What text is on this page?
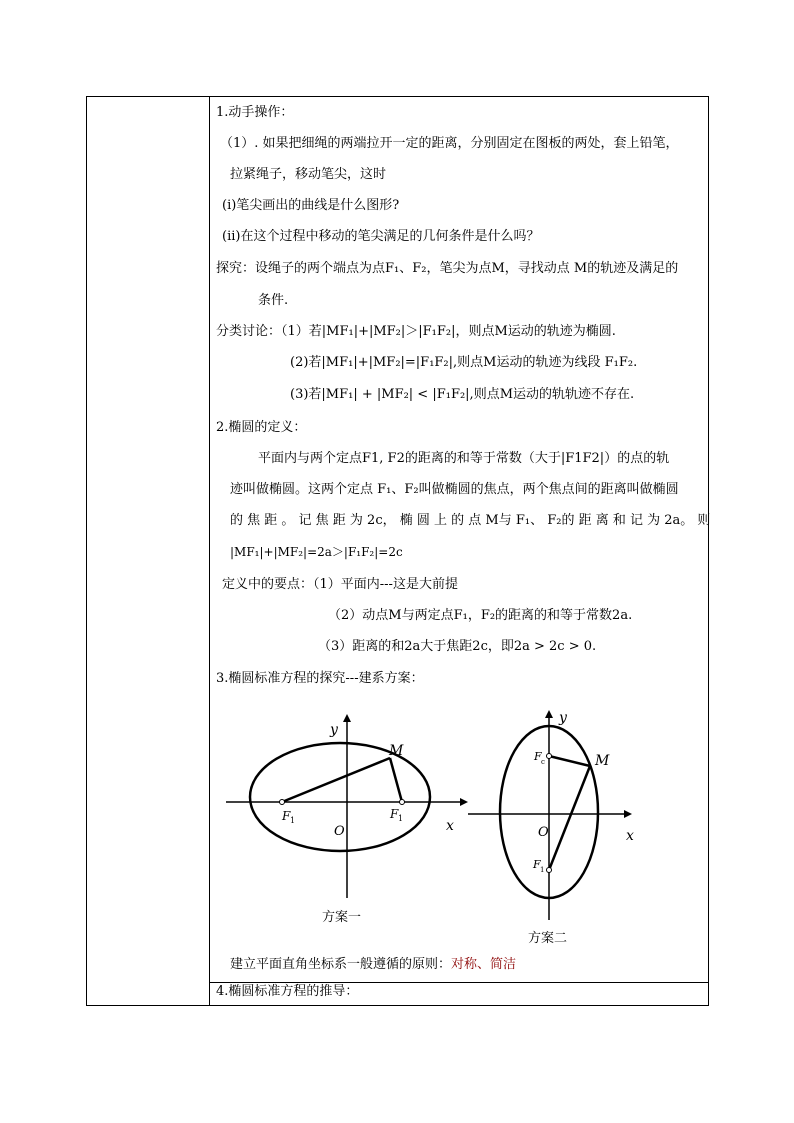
1.动手操作：
（1）. 如果把细绳的两端拉开一定的距离，分别固定在图板的两处，套上铅笔，
拉紧绳子，移动笔尖，这时
(i)笔尖画出的曲线是什么图形?
(ii)在这个过程中移动的笔尖满足的几何条件是什么吗？
探究：设绳子的两个端点为点F₁、F₂，笔尖为点M，寻找动点 M的轨迹及满足的
条件.
分类讨论：（1）若|MF₁|+|MF₂|＞|F₁F₂|，则点M运动的轨迹为椭圆.
(2)若|MF₁|+|MF₂|=|F₁F₂|,则点M运动的轨迹为线段 F₁F₂.
(3)若|MF₁| + |MF₂| < |F₁F₂|,则点M运动的轨轨迹不存在.
2.椭圆的定义：
平面内与两个定点F1, F2的距离的和等于常数（大于|F1F2|）的点的轨
迹叫做椭圆。这两个定点 F₁、F₂叫做椭圆的焦点，两个焦点间的距离叫做椭圆
的 焦 距 。 记 焦 距 为 2c， 椭 圆 上 的 点 M与 F₁、 F₂的 距 离 和 记 为 2a。 则
|MF₁|+|MF₂|=2a＞|F₁F₂|=2c
定义中的要点：（1）平面内---这是大前提
（2）动点M与两定点F₁，F₂的距离的和等于常数2a.
（3）距离的和2a大于焦距2c，即2a > 2c > 0.
3.椭圆标准方程的探究---建系方案：
y
x
O
M
F 1	F 1
方案一
y
x
O
M
F c
F 1
方案二
建立平面直角坐标系一般遵循的原则：对称、简洁
4.椭圆标准方程的推导：
